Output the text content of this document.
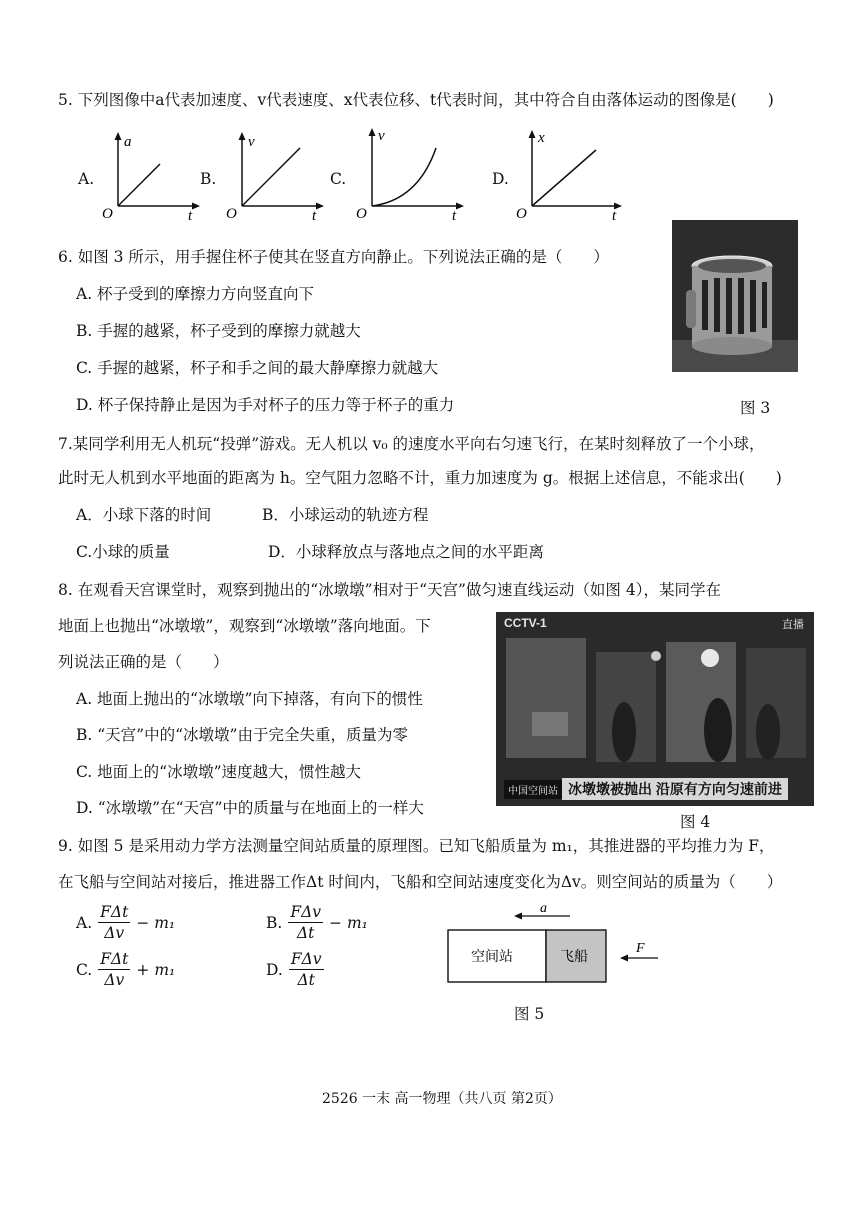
5. 下列图像中a代表加速度、v代表速度、x代表位移、t代表时间，其中符合自由落体运动的图像是(　　)
A.
a
O	t
B.
v
O	t
C.
v
O	t
D.
x
O	t
6. 如图 3 所示，用手握住杯子使其在竖直方向静止。下列说法正确的是（　　）
A. 杯子受到的摩擦力方向竖直向下
B. 手握的越紧，杯子受到的摩擦力就越大
C. 手握的越紧，杯子和手之间的最大静摩擦力就越大
D. 杯子保持静止是因为手对杯子的压力等于杯子的重力	图 3
7.某同学利用无人机玩“投弹”游戏。无人机以 v₀ 的速度水平向右匀速飞行，在某时刻释放了一个小球，
此时无人机到水平地面的距离为 h。空气阻力忽略不计，重力加速度为 g。根据上述信息，不能求出(　　)
A．小球下落的时间	B．小球运动的轨迹方程
C.小球的质量	D．小球释放点与落地点之间的水平距离
8. 在观看天宫课堂时，观察到抛出的“冰墩墩”相对于“天宫”做匀速直线运动（如图 4），某同学在
地面上也抛出“冰墩墩”，观察到“冰墩墩”落向地面。下
列说法正确的是（　　）
A. 地面上抛出的“冰墩墩”向下掉落，有向下的惯性
B. “天宫”中的“冰墩墩”由于完全失重，质量为零
C. 地面上的“冰墩墩”速度越大，惯性越大
D. “冰墩墩”在“天宫”中的质量与在地面上的一样大
CCTV-1	直播
中国空间站 冰墩墩被抛出 沿原有方向匀速前进
图 4
9. 如图 5 是采用动力学方法测量空间站质量的原理图。已知飞船质量为 m₁，其推进器的平均推力为 F，
在飞船与空间站对接后，推进器工作Δt 时间内，飞船和空间站速度变化为Δv。则空间站的质量为（　　）
A. $\frac{\text{FΔt}}{\Delta v} - m_1$	B. $\frac{\text{FΔv}}{\Delta t} - m_1$
C. $\frac{\text{FΔt}}{\Delta v} + m_1$	D. $\frac{\text{FΔv}}{\Delta t}$
a
空间站	飞船
F
图 5
2526 一末 高一物理（共八页 第2页）
